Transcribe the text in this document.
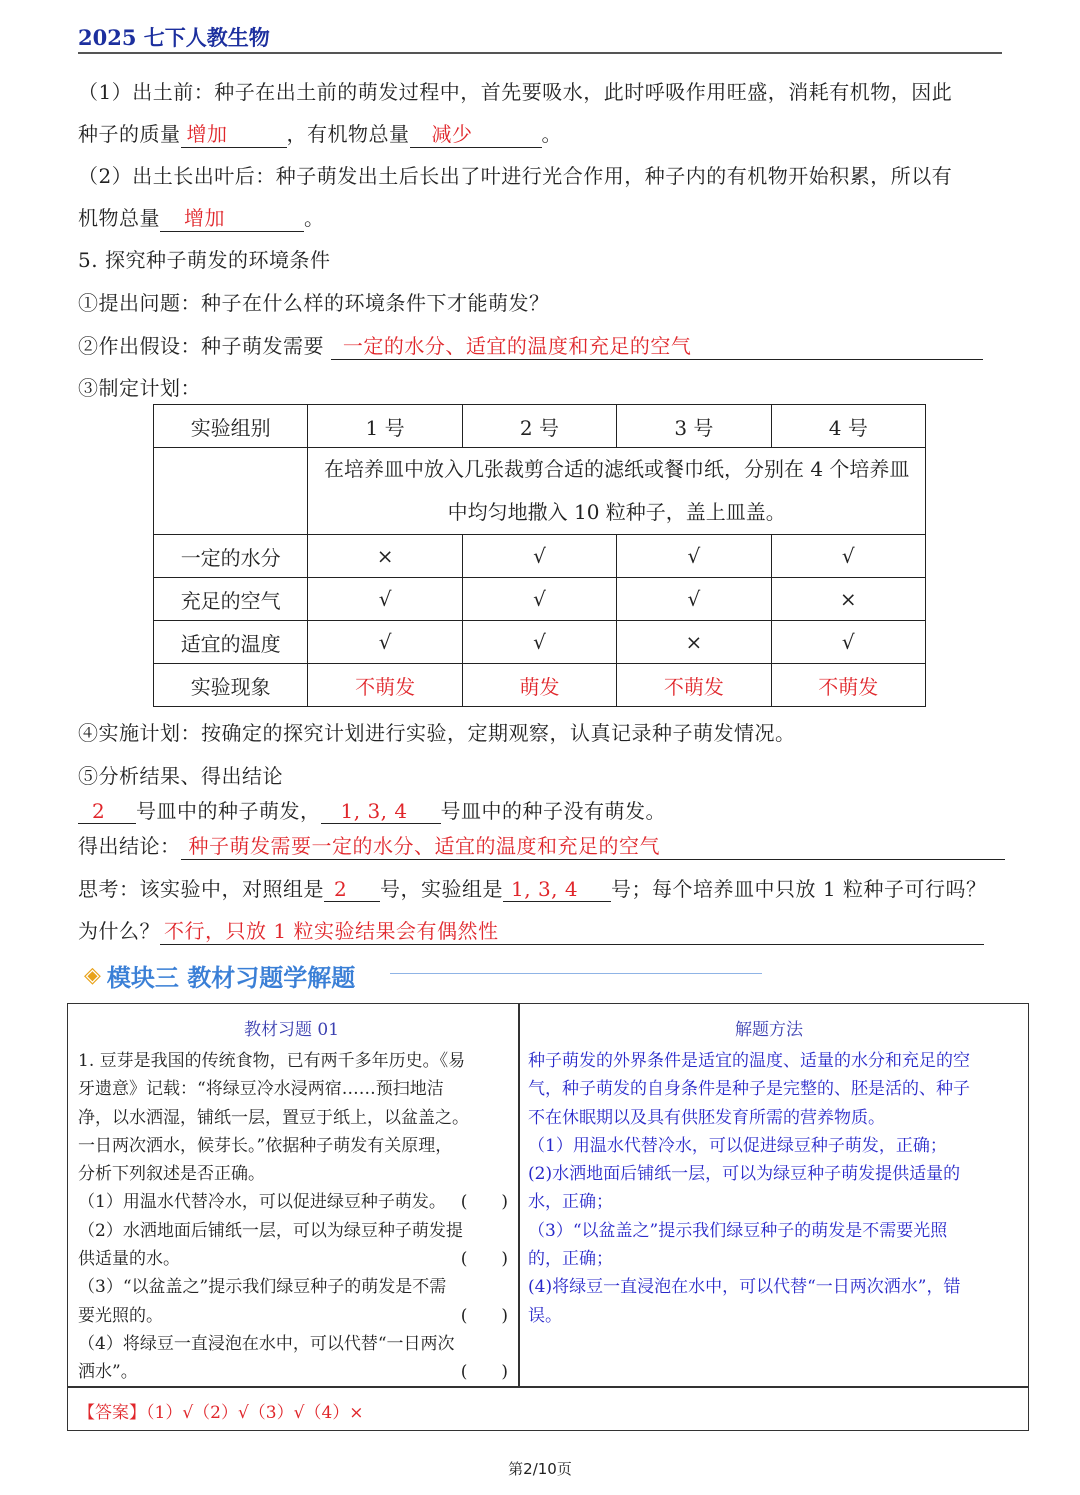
2025 七下人教生物
（1）出土前：种子在出土前的萌发过程中，首先要吸水，此时呼吸作用旺盛，消耗有机物，因此
种子的质量 增加	，有机物总量 减少	。
（2）出土长出叶后：种子萌发出土后长出了叶进行光合作用，种子内的有机物开始积累，所以有
机物总量 增加	。
5. 探究种子萌发的环境条件
①提出问题：种子在什么样的环境条件下才能萌发？
②作出假设：种子萌发需要 一定的水分、适宜的温度和充足的空气
③制定计划：
实验组别	1 号	2 号	3 号	4 号
	在培养皿中放入几张裁剪合适的滤纸或餐巾纸，分别在 4 个培养皿中均匀地撒入 10 粒种子，盖上皿盖。			
一定的水分	×	√	√	√
充足的空气	√	√	√	×
适宜的温度	√	√	×	√
实验现象	不萌发	萌发	不萌发	不萌发
④实施计划：按确定的探究计划进行实验，定期观察，认真记录种子萌发情况。
⑤分析结果、得出结论
2 号皿中的种子萌发， 1, 3, 4 号皿中的种子没有萌发。
得出结论： 种子萌发需要一定的水分、适宜的温度和充足的空气
思考：该实验中，对照组是 2 号，实验组是 1, 3, 4 号；每个培养皿中只放 1 粒种子可行吗？
为什么？ 不行，只放 1 粒实验结果会有偶然性
◈ 模块三 教材习题学解题
教材习题 01	解题方法
1. 豆芽是我国的传统食物，已有两千多年历史。《易
牙遗意》记载：“将绿豆冷水浸两宿……预扫地洁
净，以水洒湿，铺纸一层，置豆于纸上，以盆盖之。
一日两次洒水，候芽长。”依据种子萌发有关原理，
分析下列叙述是否正确。
（1）用温水代替冷水，可以促进绿豆种子萌发。 (　　)
（2）水洒地面后铺纸一层，可以为绿豆种子萌发提
供适量的水。	(　　)
（3）“以盆盖之”提示我们绿豆种子的萌发是不需
要光照的。	(　　)
（4）将绿豆一直浸泡在水中，可以代替“一日两次
洒水”。	(　　)
种子萌发的外界条件是适宜的温度、适量的水分和充足的空
气，种子萌发的自身条件是种子是完整的、胚是活的、种子
不在休眠期以及具有供胚发育所需的营养物质。
（1）用温水代替冷水，可以促进绿豆种子萌发，正确；
(2)水洒地面后铺纸一层，可以为绿豆种子萌发提供适量的
水，正确；
（3）“以盆盖之”提示我们绿豆种子的萌发是不需要光照
的，正确；
(4)将绿豆一直浸泡在水中，可以代替“一日两次洒水”，错
误。
【答案】（1）√（2）√（3）√（4）×
第2/10页
